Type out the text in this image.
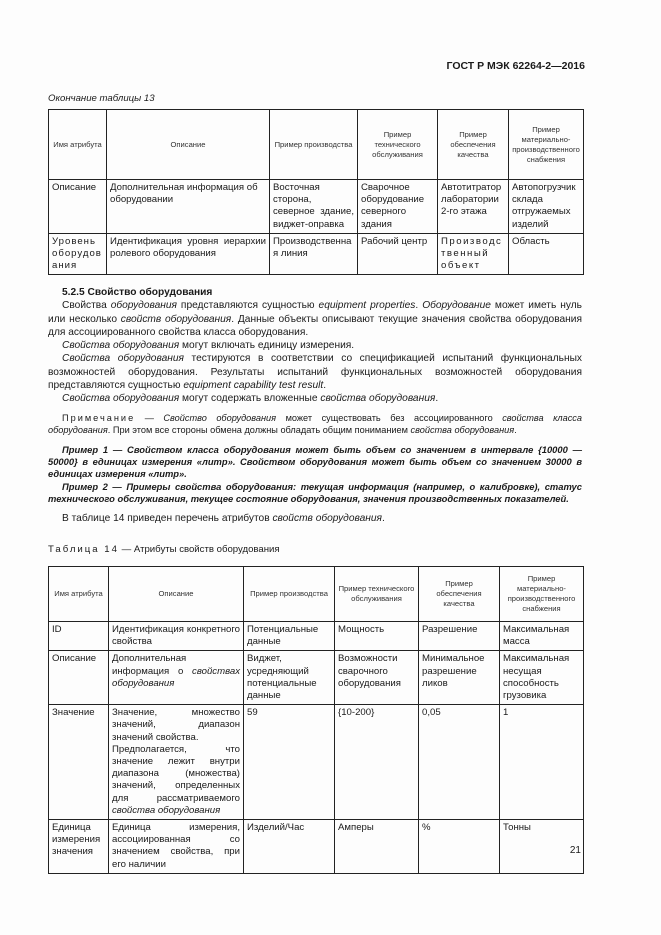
ГОСТ Р МЭК 62264-2—2016
Окончание таблицы 13
Имя атрибута	Описание	Пример производства	Пример технического обслуживания	Пример обеспечения качества	Пример материально-производственного снабжения
Описание	Дополнительная информация об оборудовании	Восточная сторона, северное здание, виджет-оправка	Сварочное оборудование северного здания	Автотитратор лаборатории 2-го этажа	Автопогрузчик склада отгружаемых изделий
Уровень оборудования	Идентификация уровня иерархии ролевого оборудования	Производственная линия	Рабочий центр	Производственный объект	Область

5.2.5 Свойство оборудования

Свойства оборудования представляются сущностью equipment properties. Оборудование может иметь нуль или несколько свойств оборудования. Данные объекты описывают текущие значения свойства оборудования для ассоциированного свойства класса оборудования.

Свойства оборудования могут включать единицу измерения.

Свойства оборудования тестируются в соответствии со спецификацией испытаний функциональных возможностей оборудования. Результаты испытаний функциональных возможностей оборудования представляются сущностью equipment capability test result.

Свойства оборудования могут содержать вложенные свойства оборудования.

Примечание — Свойство оборудования может существовать без ассоциированного свойства класса оборудования. При этом все стороны обмена должны обладать общим пониманием свойства оборудования.

Пример 1 — Свойством класса оборудования может быть объем со значением в интервале {10000 — 50000} в единицах измерения «литр». Свойством оборудования может быть объем со значением 30000 в единицах измерения «литр».

Пример 2 — Примеры свойства оборудования: текущая информация (например, о калибровке), статус технического обслуживания, текущее состояние оборудования, значения производственных показателей.

В таблице 14 приведен перечень атрибутов свойств оборудования.

Таблица 14 — Атрибуты свойств оборудования
Имя атрибута	Описание	Пример производства	Пример технического обслуживания	Пример обеспечения качества	Пример материально-производственного снабжения
ID	Идентификация конкретного свойства	Потенциальные данные	Мощность	Разрешение	Максимальная масса
Описание	Дополнительная информация о свойствах оборудования	Виджет, усредняющий потенциальные данные	Возможности сварочного оборудования	Минимальное разрешение ликов	Максимальная несущая способность грузовика
Значение	Значение, множество значений, диапазон значений свойства.
Предполагается, что значение лежит внутри диапазона (множества) значений, определенных для рассматриваемого свойства оборудования	59	{10-200}	0,05	1
Единица измерения значения	Единица измерения, ассоциированная со значением свойства, при его наличии	Изделий/Час	Амперы	%	Тонны
21
